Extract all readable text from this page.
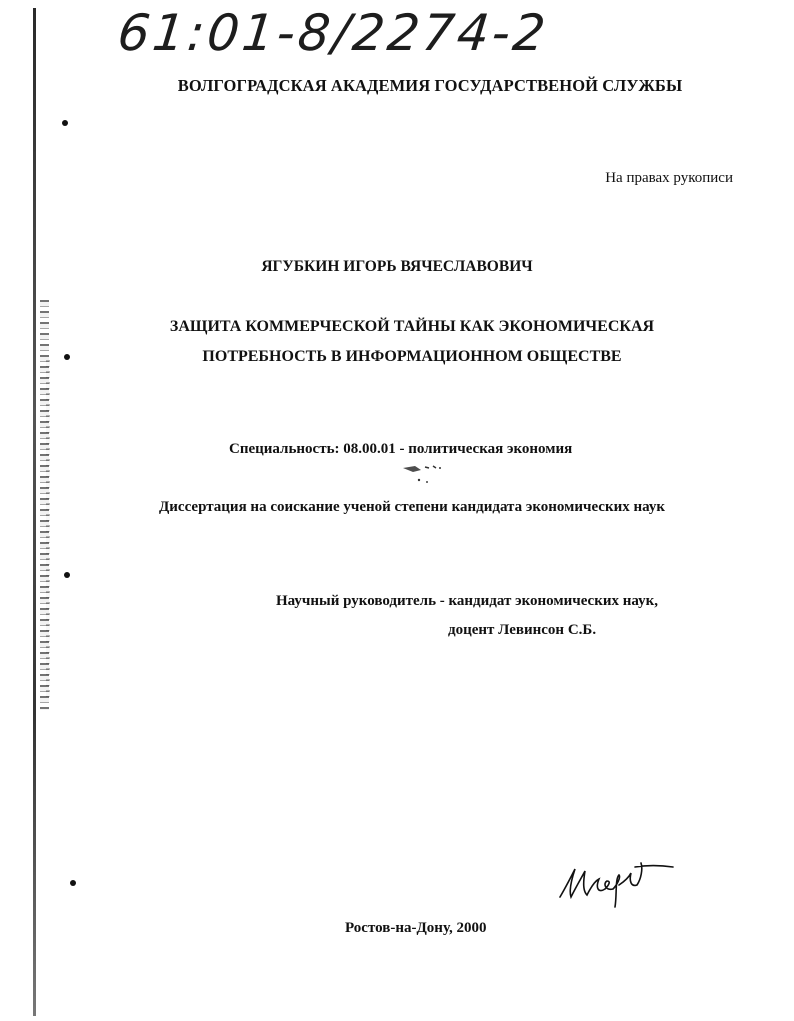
61:01-8/2274-2
ВОЛГОГРАДСКАЯ АКАДЕМИЯ ГОСУДАРСТВЕНОЙ СЛУЖБЫ
На правах рукописи
ЯГУБКИН ИГОРЬ ВЯЧЕСЛАВОВИЧ
ЗАЩИТА КОММЕРЧЕСКОЙ ТАЙНЫ КАК ЭКОНОМИЧЕСКАЯ
ПОТРЕБНОСТЬ В ИНФОРМАЦИОННОМ ОБЩЕСТВЕ
Специальность: 08.00.01 - политическая экономия
Диссертация на соискание ученой степени кандидата экономических наук
Научный руководитель - кандидат экономических наук,
доцент Левинсон С.Б.
Ростов-на-Дону, 2000
